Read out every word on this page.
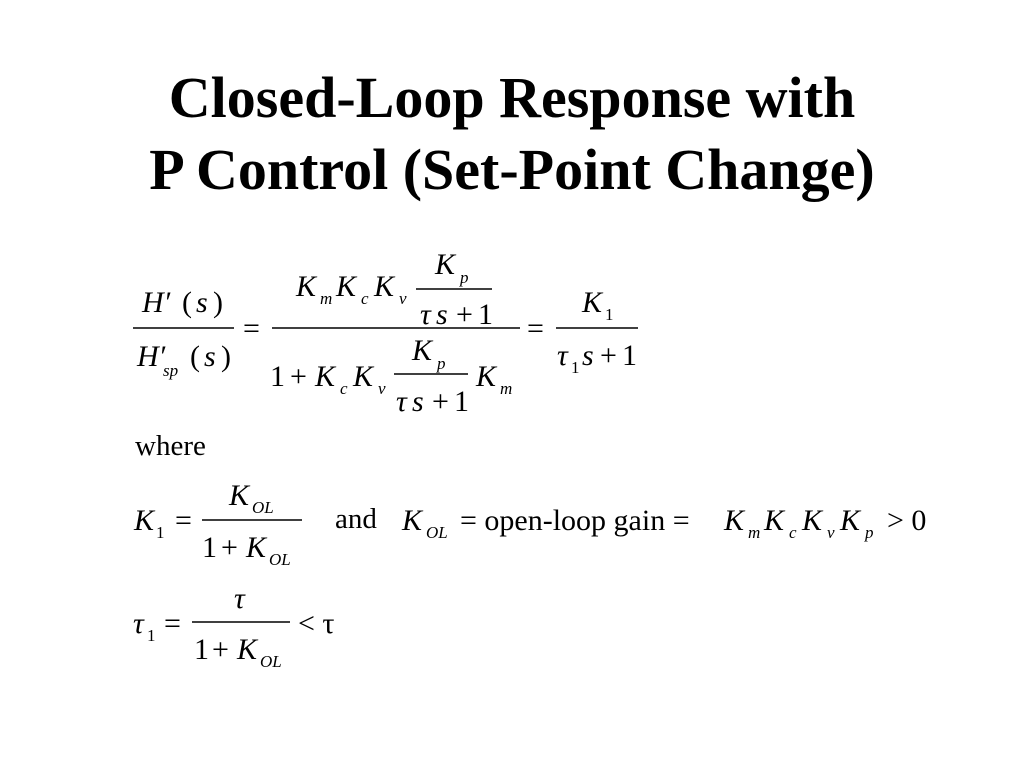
Closed-Loop Response with
P Control (Set-Point Change)
H′ ( s )
H′
sp ( s )
=
K m K c K v
K p
τ s + 1
1 + K c K v
K p
τ s + 1
K m
=
K 1
τ 1 s + 1
where
K 1 =
K OL
1 + K OL
and K OL = open-loop gain = K m K c K v K p > 0
τ 1 =
τ
1 + K OL
< τ
